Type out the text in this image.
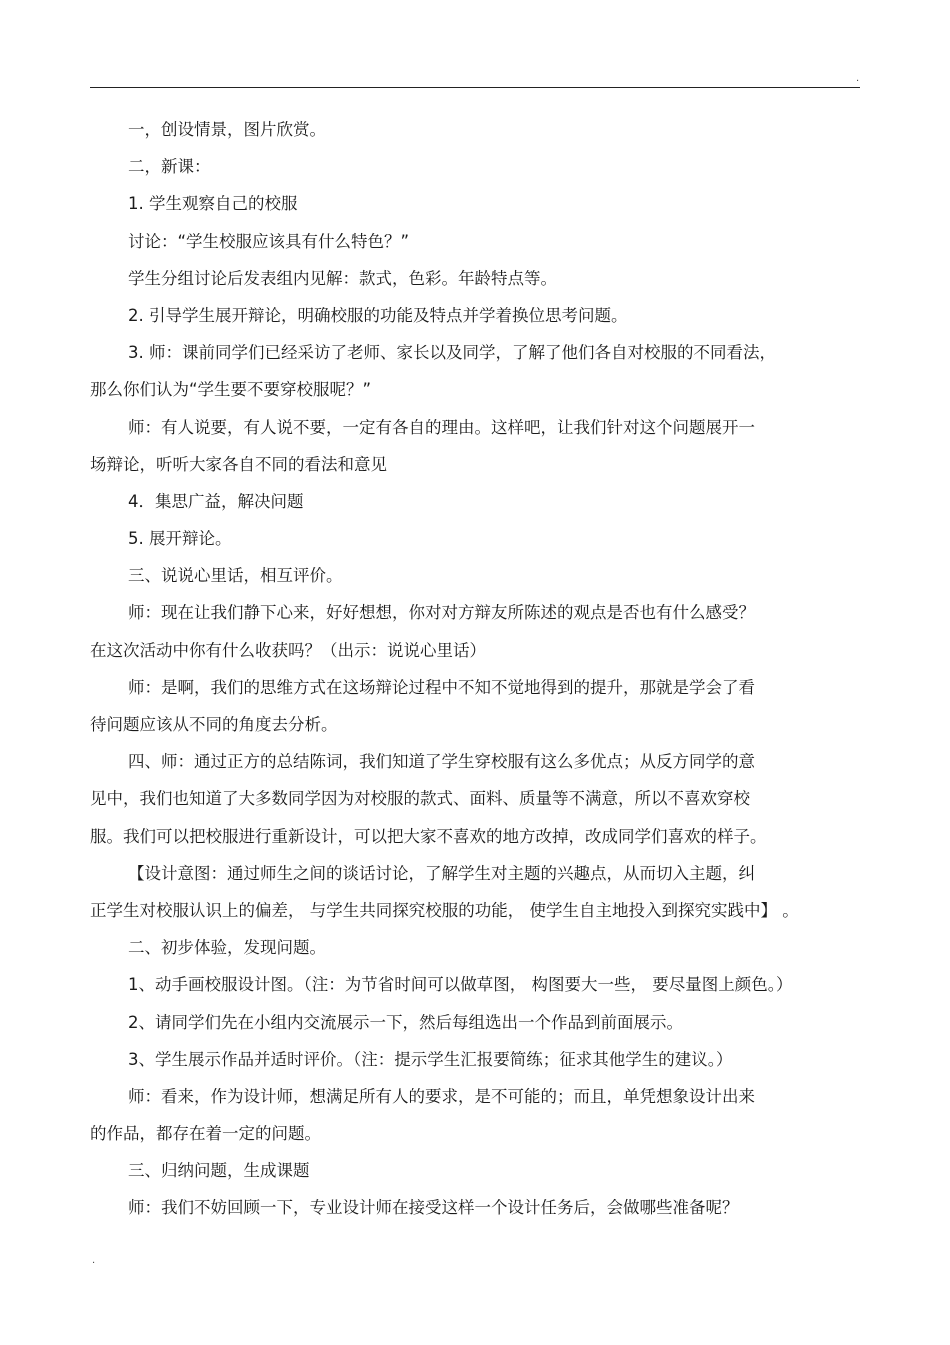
.
一，创设情景，图片欣赏。
二，新课：
1. 学生观察自己的校服
讨论：“学生校服应该具有什么特色？”
学生分组讨论后发表组内见解：款式，色彩。年龄特点等。
2. 引导学生展开辩论，明确校服的功能及特点并学着换位思考问题。
3. 师：课前同学们已经采访了老师、家长以及同学，了解了他们各自对校服的不同看法，
那么你们认为“学生要不要穿校服呢？”
师：有人说要，有人说不要，一定有各自的理由。这样吧，让我们针对这个问题展开一
场辩论，听听大家各自不同的看法和意见
4．集思广益，解决问题
5. 展开辩论。
三、说说心里话，相互评价。
师：现在让我们静下心来，好好想想，你对对方辩友所陈述的观点是否也有什么感受？
在这次活动中你有什么收获吗？（出示：说说心里话）
师：是啊，我们的思维方式在这场辩论过程中不知不觉地得到的提升，那就是学会了看
待问题应该从不同的角度去分析。
四、师：通过正方的总结陈词，我们知道了学生穿校服有这么多优点；从反方同学的意
见中，我们也知道了大多数同学因为对校服的款式、面料、质量等不满意，所以不喜欢穿校
服。我们可以把校服进行重新设计，可以把大家不喜欢的地方改掉，改成同学们喜欢的样子。
【设计意图：通过师生之间的谈话讨论，了解学生对主题的兴趣点，从而切入主题，纠
正学生对校服认识上的偏差， 与学生共同探究校服的功能， 使学生自主地投入到探究实践中】 。
二、初步体验，发现问题。
1、动手画校服设计图。（注：为节省时间可以做草图， 构图要大一些， 要尽量图上颜色。）
2、请同学们先在小组内交流展示一下，然后每组选出一个作品到前面展示。
3、学生展示作品并适时评价。（注：提示学生汇报要简练；征求其他学生的建议。）
师：看来，作为设计师，想满足所有人的要求，是不可能的；而且，单凭想象设计出来
的作品，都存在着一定的问题。
三、归纳问题，生成课题
师：我们不妨回顾一下，专业设计师在接受这样一个设计任务后，会做哪些准备呢？
.
